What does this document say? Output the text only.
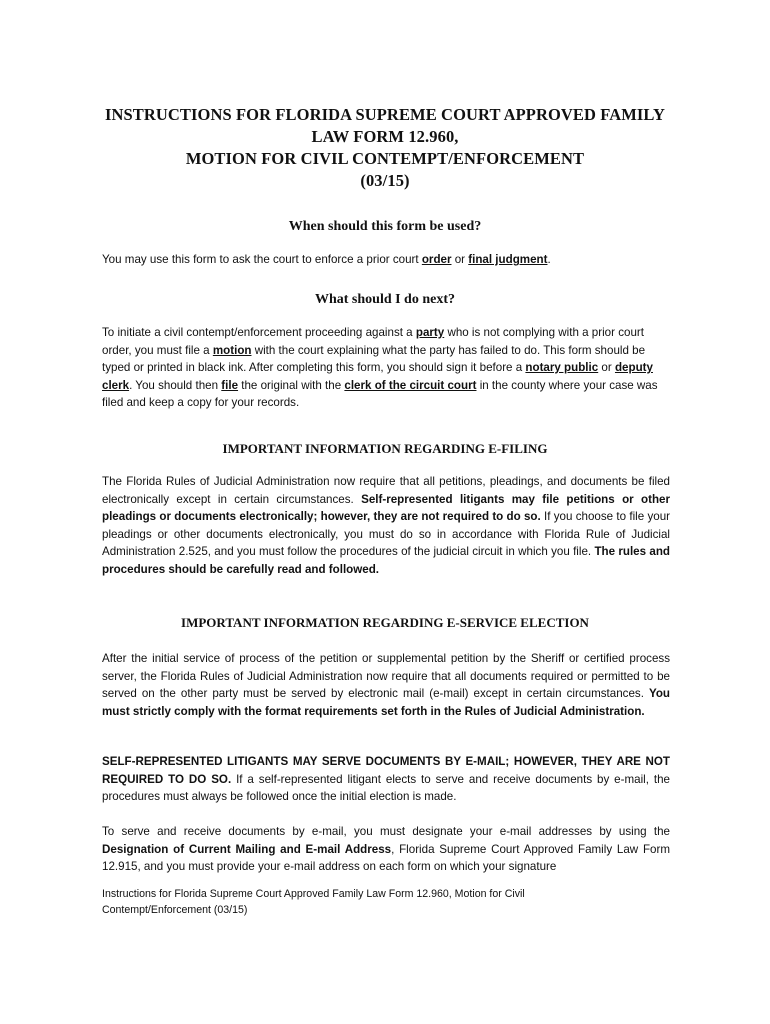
INSTRUCTIONS FOR FLORIDA SUPREME COURT APPROVED FAMILY
LAW FORM 12.960,
MOTION FOR CIVIL CONTEMPT/ENFORCEMENT
(03/15)
When should this form be used?
You may use this form to ask the court to enforce a prior court order or final judgment.
What should I do next?
To initiate a civil contempt/enforcement proceeding against a party who is not complying with a prior court order, you must file a motion with the court explaining what the party has failed to do. This form should be typed or printed in black ink. After completing this form, you should sign it before a notary public or deputy clerk. You should then file the original with the clerk of the circuit court in the county where your case was filed and keep a copy for your records.
IMPORTANT INFORMATION REGARDING E-FILING
The Florida Rules of Judicial Administration now require that all petitions, pleadings, and documents be filed electronically except in certain circumstances. Self-represented litigants may file petitions or other pleadings or documents electronically; however, they are not required to do so. If you choose to file your pleadings or other documents electronically, you must do so in accordance with Florida Rule of Judicial Administration 2.525, and you must follow the procedures of the judicial circuit in which you file. The rules and procedures should be carefully read and followed.
IMPORTANT INFORMATION REGARDING E-SERVICE ELECTION
After the initial service of process of the petition or supplemental petition by the Sheriff or certified process server, the Florida Rules of Judicial Administration now require that all documents required or permitted to be served on the other party must be served by electronic mail (e-mail) except in certain circumstances. You must strictly comply with the format requirements set forth in the Rules of Judicial Administration.
SELF-REPRESENTED LITIGANTS MAY SERVE DOCUMENTS BY E-MAIL; HOWEVER, THEY ARE NOT REQUIRED TO DO SO. If a self-represented litigant elects to serve and receive documents by e-mail, the procedures must always be followed once the initial election is made.
To serve and receive documents by e-mail, you must designate your e-mail addresses by using the Designation of Current Mailing and E-mail Address, Florida Supreme Court Approved Family Law Form 12.915, and you must provide your e-mail address on each form on which your signature
Instructions for Florida Supreme Court Approved Family Law Form 12.960, Motion for Civil
Contempt/Enforcement (03/15)
